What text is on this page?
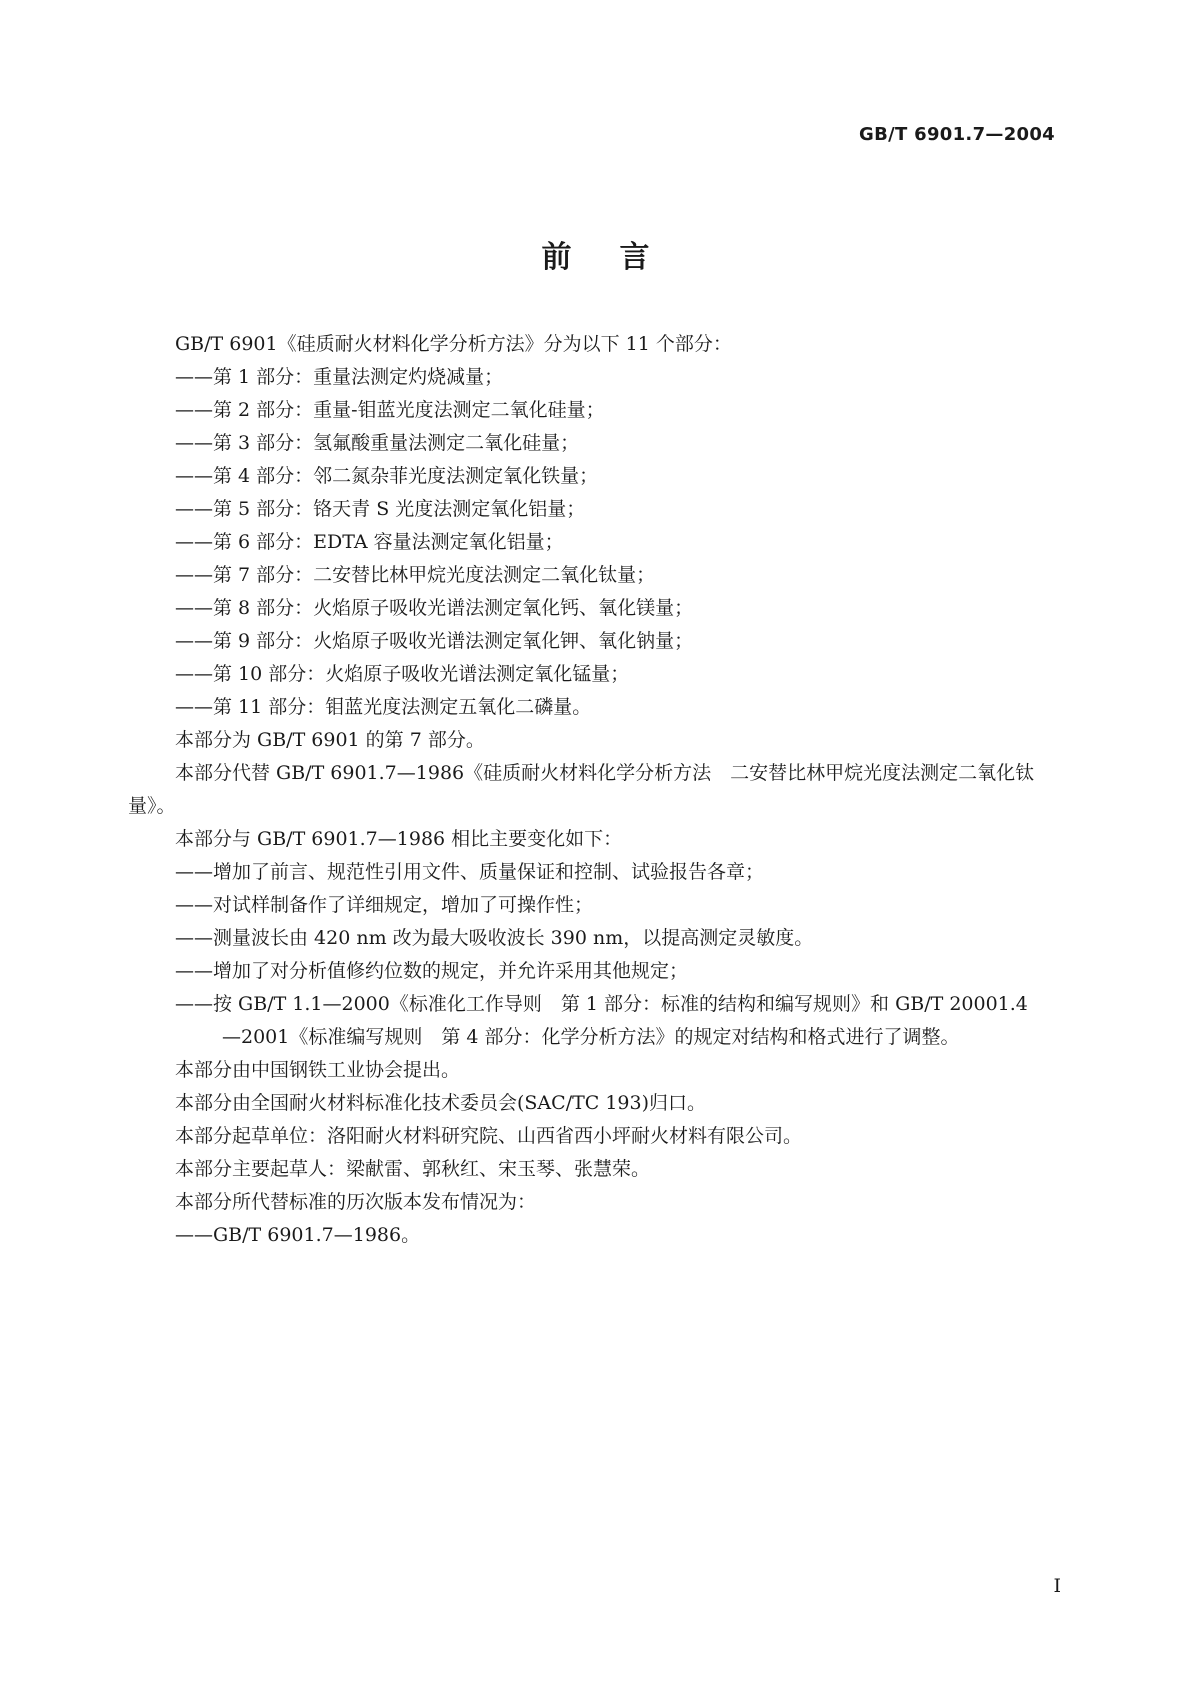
GB/T 6901.7—2004
前言

GB/T 6901《硅质耐火材料化学分析方法》分为以下 11 个部分：

——第 1 部分：重量法测定灼烧减量；

——第 2 部分：重量-钼蓝光度法测定二氧化硅量；

——第 3 部分：氢氟酸重量法测定二氧化硅量；

——第 4 部分：邻二氮杂菲光度法测定氧化铁量；

——第 5 部分：铬天青 S 光度法测定氧化铝量；

——第 6 部分：EDTA 容量法测定氧化铝量；

——第 7 部分：二安替比林甲烷光度法测定二氧化钛量；

——第 8 部分：火焰原子吸收光谱法测定氧化钙、氧化镁量；

——第 9 部分：火焰原子吸收光谱法测定氧化钾、氧化钠量；

——第 10 部分：火焰原子吸收光谱法测定氧化锰量；

——第 11 部分：钼蓝光度法测定五氧化二磷量。

本部分为 GB/T 6901 的第 7 部分。

本部分代替 GB/T 6901.7—1986《硅质耐火材料化学分析方法　二安替比林甲烷光度法测定二氧化钛量》。

本部分与 GB/T 6901.7—1986 相比主要变化如下：

——增加了前言、规范性引用文件、质量保证和控制、试验报告各章；

——对试样制备作了详细规定，增加了可操作性；

——测量波长由 420 nm 改为最大吸收波长 390 nm，以提高测定灵敏度。

——增加了对分析值修约位数的规定，并允许采用其他规定；

——按 GB/T 1.1—2000《标准化工作导则　第 1 部分：标准的结构和编写规则》和 GB/T 20001.4
—2001《标准编写规则　第 4 部分：化学分析方法》的规定对结构和格式进行了调整。

本部分由中国钢铁工业协会提出。

本部分由全国耐火材料标准化技术委员会(SAC/TC 193)归口。

本部分起草单位：洛阳耐火材料研究院、山西省西小坪耐火材料有限公司。

本部分主要起草人：梁献雷、郭秋红、宋玉琴、张慧荣。

本部分所代替标准的历次版本发布情况为：

——GB/T 6901.7—1986。

I
